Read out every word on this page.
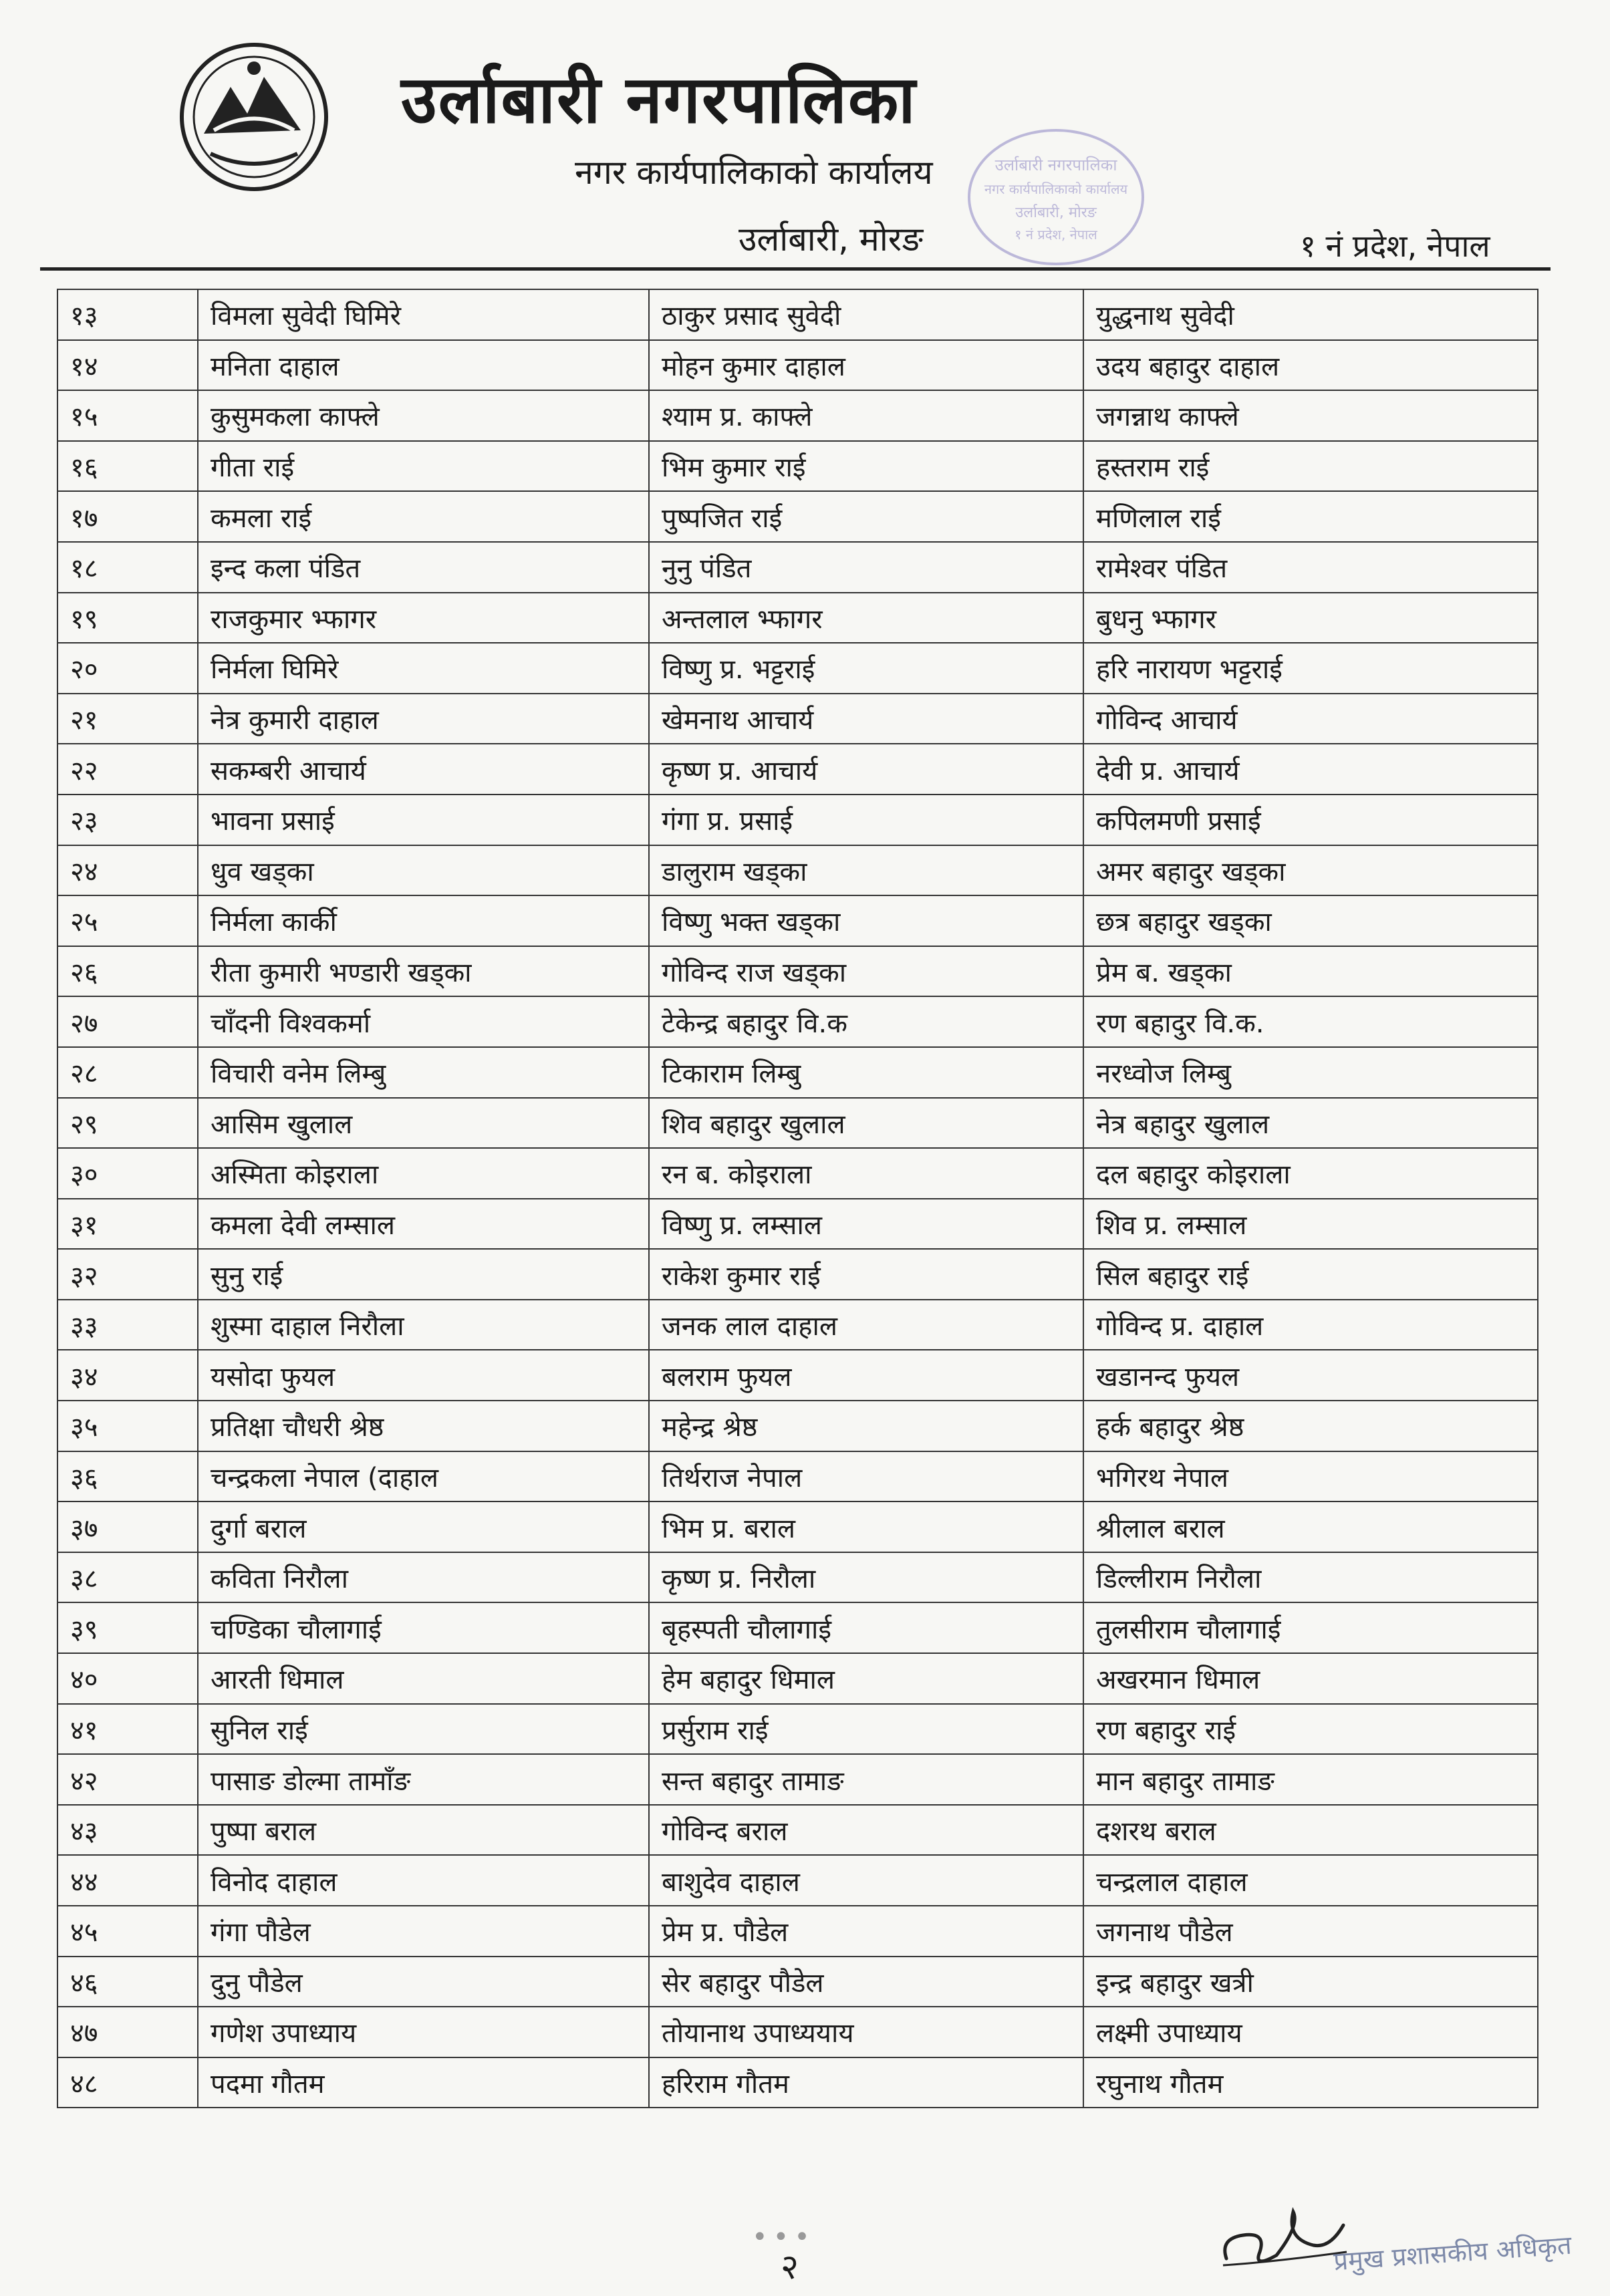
उर्लाबारी नगरपालिका
नगर कार्यपालिकाको कार्यालय
उर्लाबारी, मोरङ	१ नं प्रदेश, नेपाल
उर्लाबारी नगरपालिका
नगर कार्यपालिकाको कार्यालय
उर्लाबारी, मोरङ
१ नं प्रदेश, नेपाल
१३	विमला सुवेदी घिमिरे	ठाकुर प्रसाद सुवेदी	युद्धनाथ सुवेदी
१४	मनिता दाहाल	मोहन कुमार दाहाल	उदय बहादुर दाहाल
१५	कुसुमकला काफ्ले	श्याम प्र. काफ्ले	जगन्नाथ काफ्ले
१६	गीता राई	भिम कुमार राई	हस्तराम राई
१७	कमला राई	पुष्पजित राई	मणिलाल राई
१८	इन्द कला पंडित	नुनु पंडित	रामेश्वर पंडित
१९	राजकुमार भ्फागर	अन्तलाल भ्फागर	बुधनु भ्फागर
२०	निर्मला घिमिरे	विष्णु प्र. भट्टराई	हरि नारायण भट्टराई
२१	नेत्र कुमारी दाहाल	खेमनाथ आचार्य	गोविन्द आचार्य
२२	सकम्बरी आचार्य	कृष्ण प्र. आचार्य	देवी प्र. आचार्य
२३	भावना प्रसाई	गंगा प्र. प्रसाई	कपिलमणी प्रसाई
२४	धुव खड्का	डालुराम खड्का	अमर बहादुर खड्का
२५	निर्मला कार्की	विष्णु भक्त खड्का	छत्र बहादुर खड्का
२६	रीता कुमारी भण्डारी खड्का	गोविन्द राज खड्का	प्रेम ब. खड्का
२७	चाँदनी विश्वकर्मा	टेकेन्द्र बहादुर वि.क	रण बहादुर वि.क.
२८	विचारी वनेम लिम्बु	टिकाराम लिम्बु	नरध्वोज लिम्बु
२९	आसिम खुलाल	शिव बहादुर खुलाल	नेत्र बहादुर खुलाल
३०	अस्मिता कोइराला	रन ब. कोइराला	दल बहादुर कोइराला
३१	कमला देवी लम्साल	विष्णु प्र. लम्साल	शिव प्र. लम्साल
३२	सुनु राई	राकेश कुमार राई	सिल बहादुर राई
३३	शुस्मा दाहाल निरौला	जनक लाल दाहाल	गोविन्द प्र. दाहाल
३४	यसोदा फुयल	बलराम फुयल	खडानन्द फुयल
३५	प्रतिक्षा चौधरी श्रेष्ठ	महेन्द्र श्रेष्ठ	हर्क बहादुर श्रेष्ठ
३६	चन्द्रकला नेपाल (दाहाल	तिर्थराज नेपाल	भगिरथ नेपाल
३७	दुर्गा बराल	भिम प्र. बराल	श्रीलाल बराल
३८	कविता निरौला	कृष्ण प्र. निरौला	डिल्लीराम निरौला
३९	चण्डिका चौलागाई	बृहस्पती चौलागाई	तुलसीराम चौलागाई
४०	आरती धिमाल	हेम बहादुर धिमाल	अखरमान धिमाल
४१	सुनिल राई	प्रर्सुराम राई	रण बहादुर राई
४२	पासाङ डोल्मा तामाँङ	सन्त बहादुर तामाङ	मान बहादुर तामाङ
४३	पुष्पा बराल	गोविन्द बराल	दशरथ बराल
४४	विनोद दाहाल	बाशुदेव दाहाल	चन्द्रलाल दाहाल
४५	गंगा पौडेल	प्रेम प्र. पौडेल	जगनाथ पौडेल
४६	दुनु पौडेल	सेर बहादुर पौडेल	इन्द्र बहादुर खत्री
४७	गणेश उपाध्याय	तोयानाथ उपाध्ययाय	लक्ष्मी उपाध्याय
४८	पदमा गौतम	हरिराम गौतम	रघुनाथ गौतम
•••
२	प्रमुख प्रशासकीय अधिकृत
